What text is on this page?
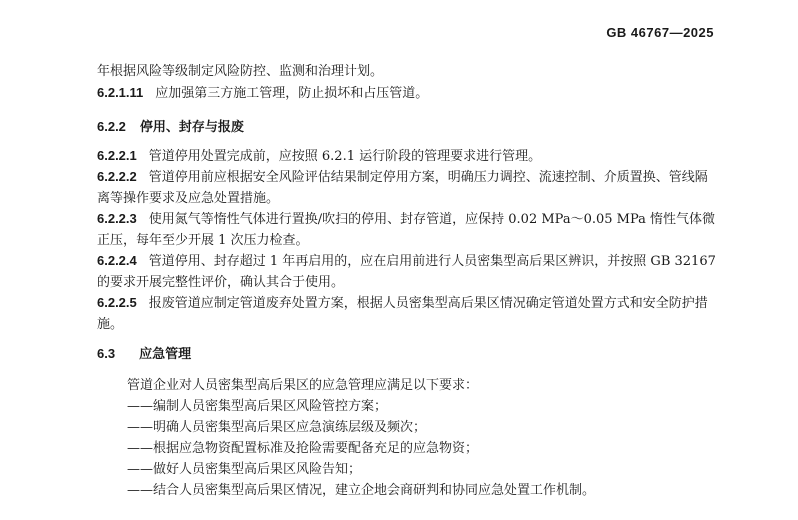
GB 46767—2025
年根据风险等级制定风险防控、监测和治理计划。
6.2.1.11 应加强第三方施工管理，防止损坏和占压管道。
6.2.2 停用、封存与报废
6.2.2.1 管道停用处置完成前，应按照 6.2.1 运行阶段的管理要求进行管理。
6.2.2.2 管道停用前应根据安全风险评估结果制定停用方案，明确压力调控、流速控制、介质置换、管线隔离等操作要求及应急处置措施。
6.2.2.3 使用氮气等惰性气体进行置换/吹扫的停用、封存管道，应保持 0.02 MPa～0.05 MPa 惰性气体微正压，每年至少开展 1 次压力检查。
6.2.2.4 管道停用、封存超过 1 年再启用的，应在启用前进行人员密集型高后果区辨识，并按照 GB 32167 的要求开展完整性评价，确认其合于使用。
6.2.2.5 报废管道应制定管道废弃处置方案，根据人员密集型高后果区情况确定管道处置方式和安全防护措施。
6.3 应急管理
管道企业对人员密集型高后果区的应急管理应满足以下要求：
——编制人员密集型高后果区风险管控方案；
——明确人员密集型高后果区应急演练层级及频次；
——根据应急物资配置标准及抢险需要配备充足的应急物资；
——做好人员密集型高后果区风险告知；
——结合人员密集型高后果区情况，建立企地会商研判和协同应急处置工作机制。
